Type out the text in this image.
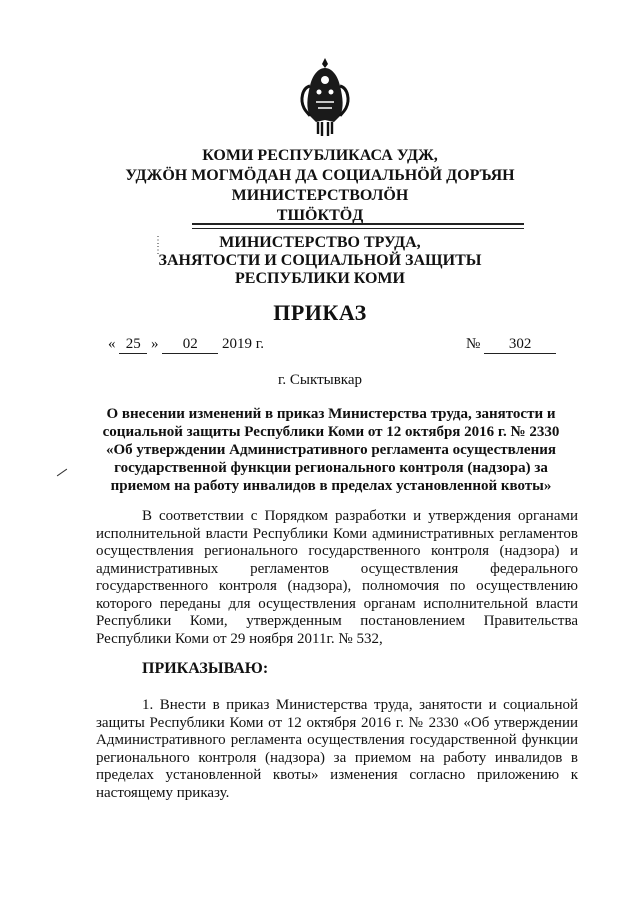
КОМИ РЕСПУБЛИКАСА УДЖ,
УДЖӦН МОГМӦДАН ДА СОЦИАЛЬНӦЙ ДОРЪЯН
МИНИСТЕРСТВОЛӦН
ТШӦКТӦД
⋮
⋮	МИНИСТЕРСТВО ТРУДА,
ЗАНЯТОСТИ И СОЦИАЛЬНОЙ ЗАЩИТЫ
РЕСПУБЛИКИ КОМИ
ПРИКАЗ
« 25 » 02 2019 г.	№ 302
г. Сыктывкар
О внесении изменений в приказ Министерства труда, занятости и
социальной защиты Республики Коми от 12 октября 2016 г. № 2330
«Об утверждении Административного регламента осуществления
государственной функции регионального контроля (надзора) за
приемом на работу инвалидов в пределах установленной квоты»
В соответствии с Порядком разработки и утверждения органами исполнительной власти Республики Коми административных регламентов осуществления регионального государственного контроля (надзора) и административных регламентов осуществления федерального государственного контроля (надзора), полномочия по осуществлению которого переданы для осуществления органам исполнительной власти Республики Коми, утвержденным постановлением Правительства Республики Коми от 29 ноября 2011г. № 532,
ПРИКАЗЫВАЮ:
1. Внести в приказ Министерства труда, занятости и социальной защиты Республики Коми от 12 октября 2016 г. № 2330 «Об утверждении Административного регламента осуществления государственной функции регионального контроля (надзора) за приемом на работу инвалидов в пределах установленной квоты» изменения согласно приложению к настоящему приказу.
